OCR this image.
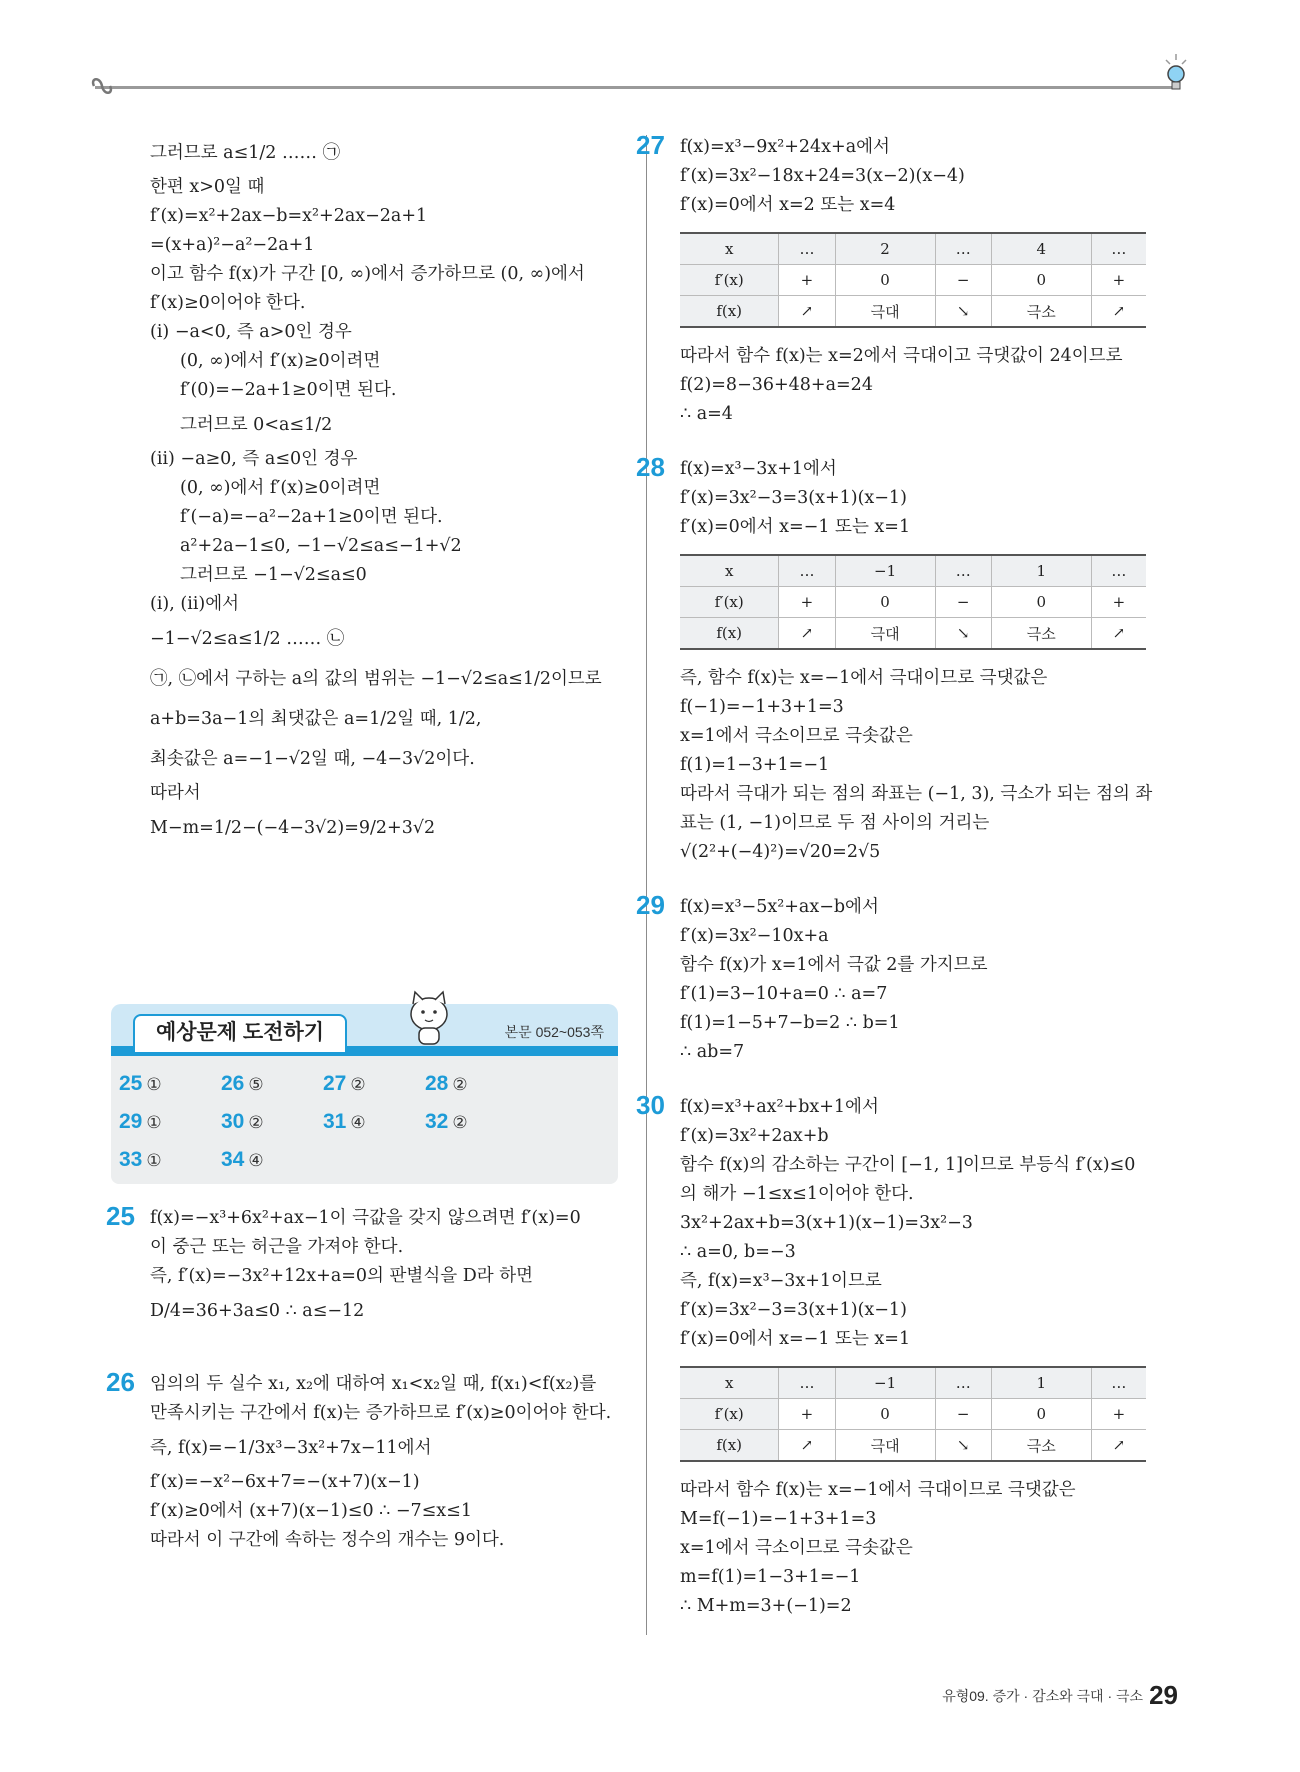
그러므로 a≤1/2 …… ㉠
한편 x>0일 때
f′(x)=x²+2ax−b=x²+2ax−2a+1
=(x+a)²−a²−2a+1
이고 함수 f(x)가 구간 [0, ∞)에서 증가하므로 (0, ∞)에서
f′(x)≥0이어야 한다.
(ⅰ) −a<0, 즉 a>0인 경우
(0, ∞)에서 f′(x)≥0이려면
f′(0)=−2a+1≥0이면 된다.
그러므로 0<a≤1/2
(ⅱ) −a≥0, 즉 a≤0인 경우
(0, ∞)에서 f′(x)≥0이려면
f′(−a)=−a²−2a+1≥0이면 된다.
a²+2a−1≤0, −1−√2≤a≤−1+√2
그러므로 −1−√2≤a≤0
(ⅰ), (ⅱ)에서
−1−√2≤a≤1/2 …… ㉡
㉠, ㉡에서 구하는 a의 값의 범위는 −1−√2≤a≤1/2이므로
a+b=3a−1의 최댓값은 a=1/2일 때, 1/2,
최솟값은 a=−1−√2일 때, −4−3√2이다.
따라서
M−m=1/2−(−4−3√2)=9/2+3√2
예상문제 도전하기	본문 052~053쪽
25 ①	26 ⑤	27 ②	28 ②
29 ①	30 ②	31 ④	32 ②
33 ①	34 ④
25 f(x)=−x³+6x²+ax−1이 극값을 갖지 않으려면 f′(x)=0
이 중근 또는 허근을 가져야 한다.
즉, f′(x)=−3x²+12x+a=0의 판별식을 D라 하면
D/4=36+3a≤0 ∴ a≤−12
26 임의의 두 실수 x₁, x₂에 대하여 x₁<x₂일 때, f(x₁)<f(x₂)를
만족시키는 구간에서 f(x)는 증가하므로 f′(x)≥0이어야 한다.
즉, f(x)=−1/3x³−3x²+7x−11에서
f′(x)=−x²−6x+7=−(x+7)(x−1)
f′(x)≥0에서 (x+7)(x−1)≤0 ∴ −7≤x≤1
따라서 이 구간에 속하는 정수의 개수는 9이다.
27 f(x)=x³−9x²+24x+a에서
f′(x)=3x²−18x+24=3(x−2)(x−4)
f′(x)=0에서 x=2 또는 x=4
x	…	2	…	4	…
f′(x)	+	0	−	0	+
f(x)	↗	극대	↘	극소	↗
따라서 함수 f(x)는 x=2에서 극대이고 극댓값이 24이므로
f(2)=8−36+48+a=24
∴ a=4
28 f(x)=x³−3x+1에서
f′(x)=3x²−3=3(x+1)(x−1)
f′(x)=0에서 x=−1 또는 x=1
x	…	−1	…	1	…
f′(x)	+	0	−	0	+
f(x)	↗	극대	↘	극소	↗
즉, 함수 f(x)는 x=−1에서 극대이므로 극댓값은
f(−1)=−1+3+1=3
x=1에서 극소이므로 극솟값은
f(1)=1−3+1=−1
따라서 극대가 되는 점의 좌표는 (−1, 3), 극소가 되는 점의 좌
표는 (1, −1)이므로 두 점 사이의 거리는
√(2²+(−4)²)=√20=2√5
29 f(x)=x³−5x²+ax−b에서
f′(x)=3x²−10x+a
함수 f(x)가 x=1에서 극값 2를 가지므로
f′(1)=3−10+a=0 ∴ a=7
f(1)=1−5+7−b=2 ∴ b=1
∴ ab=7
30 f(x)=x³+ax²+bx+1에서
f′(x)=3x²+2ax+b
함수 f(x)의 감소하는 구간이 [−1, 1]이므로 부등식 f′(x)≤0
의 해가 −1≤x≤1이어야 한다.
3x²+2ax+b=3(x+1)(x−1)=3x²−3
∴ a=0, b=−3
즉, f(x)=x³−3x+1이므로
f′(x)=3x²−3=3(x+1)(x−1)
f′(x)=0에서 x=−1 또는 x=1
x	…	−1	…	1	…
f′(x)	+	0	−	0	+
f(x)	↗	극대	↘	극소	↗
따라서 함수 f(x)는 x=−1에서 극대이므로 극댓값은
M=f(−1)=−1+3+1=3
x=1에서 극소이므로 극솟값은
m=f(1)=1−3+1=−1
∴ M+m=3+(−1)=2
유형09. 증가 · 감소와 극대 · 극소 29
